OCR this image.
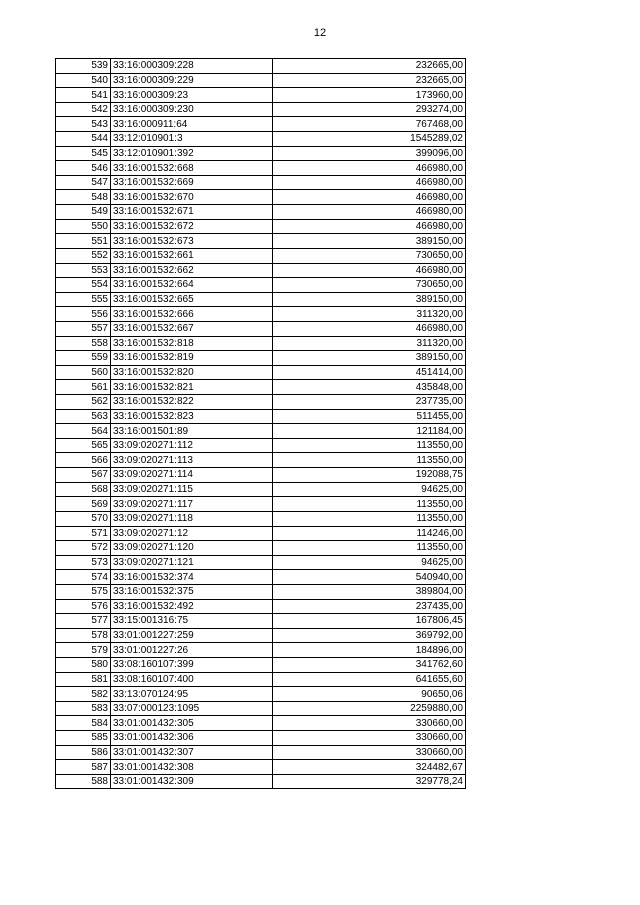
12
539	33:16:000309:228	232665,00
540	33:16:000309:229	232665,00
541	33:16:000309:23	173960,00
542	33:16:000309:230	293274,00
543	33:16:000911:64	767468,00
544	33:12:010901:3	1545289,02
545	33:12:010901:392	399096,00
546	33:16:001532:668	466980,00
547	33:16:001532:669	466980,00
548	33:16:001532:670	466980,00
549	33:16:001532:671	466980,00
550	33:16:001532:672	466980,00
551	33:16:001532:673	389150,00
552	33:16:001532:661	730650,00
553	33:16:001532:662	466980,00
554	33:16:001532:664	730650,00
555	33:16:001532:665	389150,00
556	33:16:001532:666	311320,00
557	33:16:001532:667	466980,00
558	33:16:001532:818	311320,00
559	33:16:001532:819	389150,00
560	33:16:001532:820	451414,00
561	33:16:001532:821	435848,00
562	33:16:001532:822	237735,00
563	33:16:001532:823	511455,00
564	33:16:001501:89	121184,00
565	33:09:020271:112	113550,00
566	33:09:020271:113	113550,00
567	33:09:020271:114	192088,75
568	33:09:020271:115	94625,00
569	33:09:020271:117	113550,00
570	33:09:020271:118	113550,00
571	33:09:020271:12	114246,00
572	33:09:020271:120	113550,00
573	33:09:020271:121	94625,00
574	33:16:001532:374	540940,00
575	33:16:001532:375	389804,00
576	33:16:001532:492	237435,00
577	33:15:001316:75	167806,45
578	33:01:001227:259	369792,00
579	33:01:001227:26	184896,00
580	33:08:160107:399	341762,60
581	33:08:160107:400	641655,60
582	33:13:070124:95	90650,06
583	33:07:000123:1095	2259880,00
584	33:01:001432:305	330660,00
585	33:01:001432:306	330660,00
586	33:01:001432:307	330660,00
587	33:01:001432:308	324482,67
588	33:01:001432:309	329778,24
